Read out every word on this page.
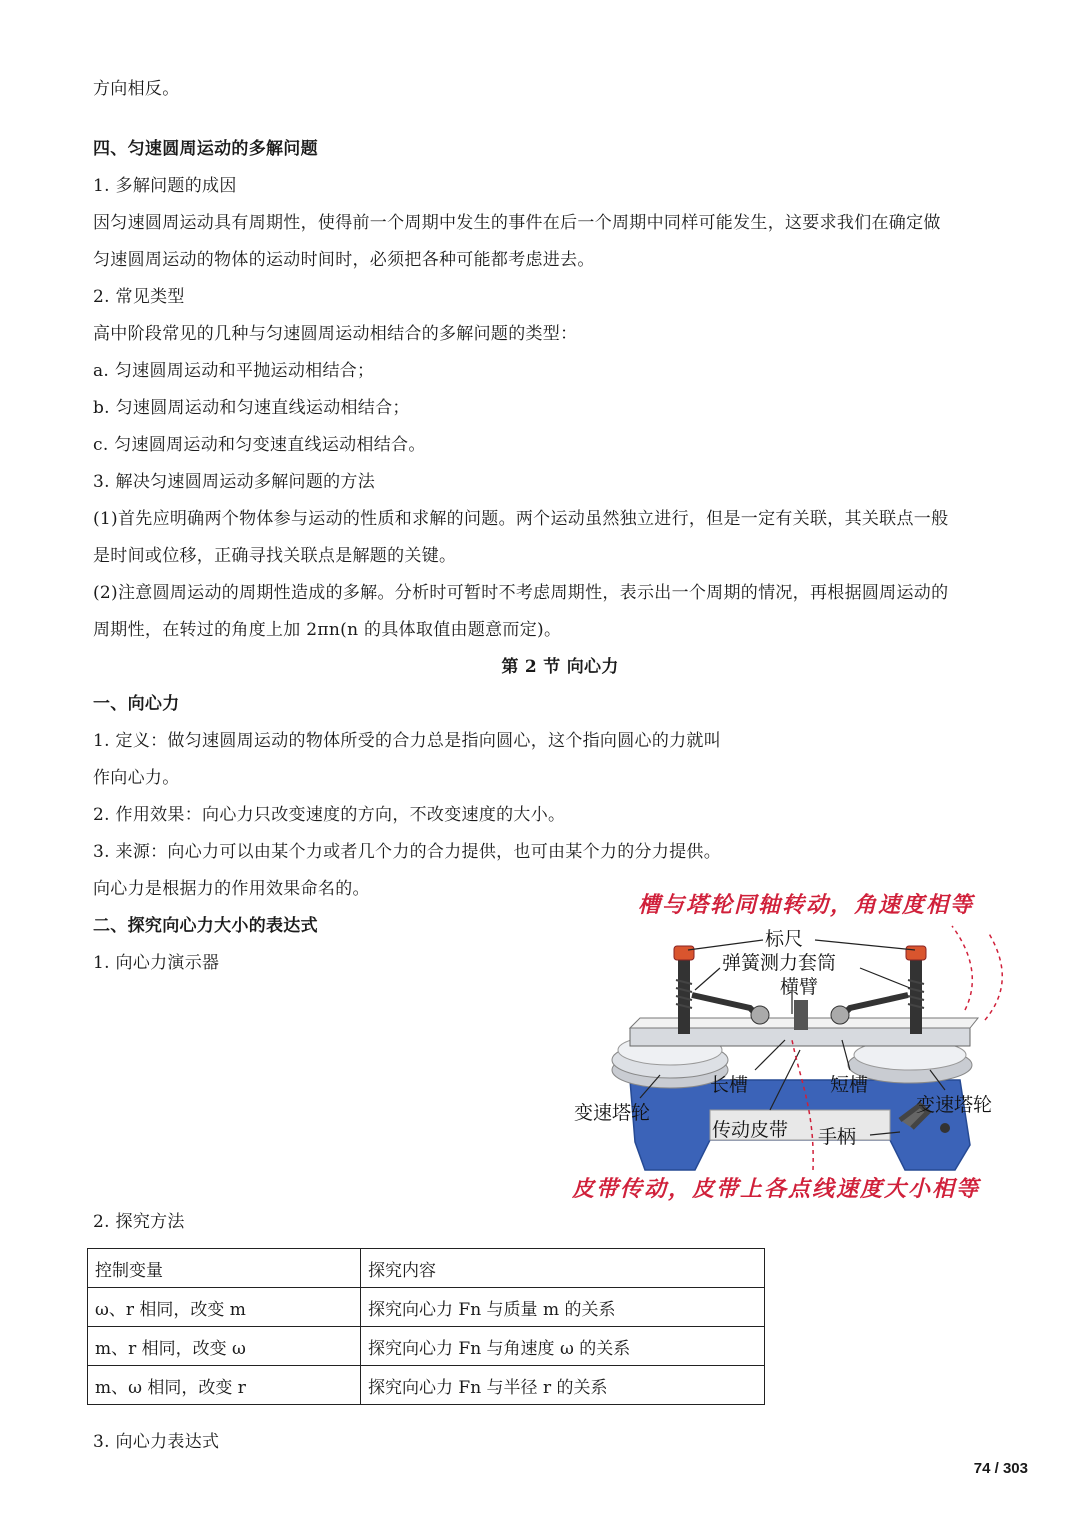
方向相反。
四、匀速圆周运动的多解问题
1. 多解问题的成因
因匀速圆周运动具有周期性，使得前一个周期中发生的事件在后一个周期中同样可能发生，这要求我们在确定做
匀速圆周运动的物体的运动时间时，必须把各种可能都考虑进去。
2. 常见类型
高中阶段常见的几种与匀速圆周运动相结合的多解问题的类型：
a. 匀速圆周运动和平抛运动相结合；
b. 匀速圆周运动和匀速直线运动相结合；
c. 匀速圆周运动和匀变速直线运动相结合。
3. 解决匀速圆周运动多解问题的方法
(1)首先应明确两个物体参与运动的性质和求解的问题。两个运动虽然独立进行，但是一定有关联，其关联点一般
是时间或位移，正确寻找关联点是解题的关键。
(2)注意圆周运动的周期性造成的多解。分析时可暂时不考虑周期性，表示出一个周期的情况，再根据圆周运动的
周期性，在转过的角度上加 2πn(n 的具体取值由题意而定)。
第 2 节 向心力
一、向心力
1. 定义：做匀速圆周运动的物体所受的合力总是指向圆心，这个指向圆心的力就叫
作向心力。
2. 作用效果：向心力只改变速度的方向，不改变速度的大小。
3. 来源：向心力可以由某个力或者几个力的合力提供，也可由某个力的分力提供。
向心力是根据力的作用效果命名的。
二、探究向心力大小的表达式
1. 向心力演示器
槽与塔轮同轴转动，角速度相等
皮带传动，皮带上各点线速度大小相等
标尺
弹簧测力套筒
横臂
长槽	短槽
变速塔轮	变速塔轮
传动皮带 手柄
2. 探究方法
控制变量	探究内容
ω、r 相同，改变 m	探究向心力 Fn 与质量 m 的关系
m、r 相同，改变 ω	探究向心力 Fn 与角速度 ω 的关系
m、ω 相同，改变 r	探究向心力 Fn 与半径 r 的关系
3. 向心力表达式
74 / 303
